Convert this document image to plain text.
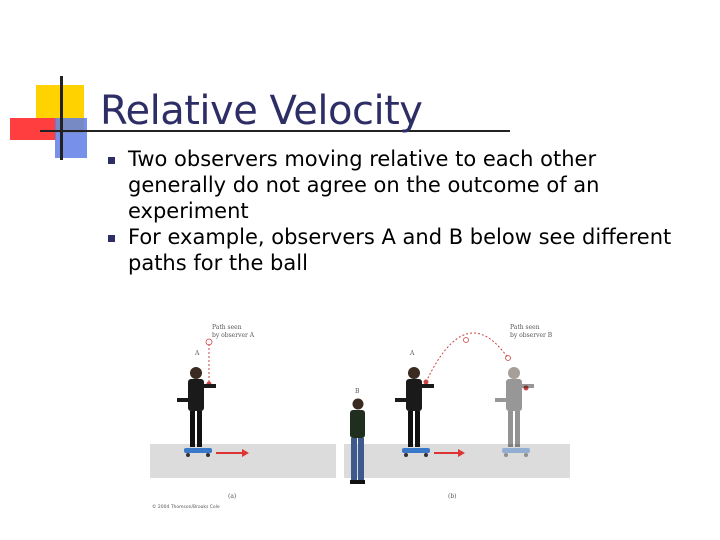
Relative Velocity
Two observers moving relative to each other generally do not agree on the outcome of an experiment
For example, observers A and B below see different paths for the ball
Path seen
by observer A
A
(a)
© 2004 Thomson/Brooks Cole
B
A
Path seen
by observer B
(b)
